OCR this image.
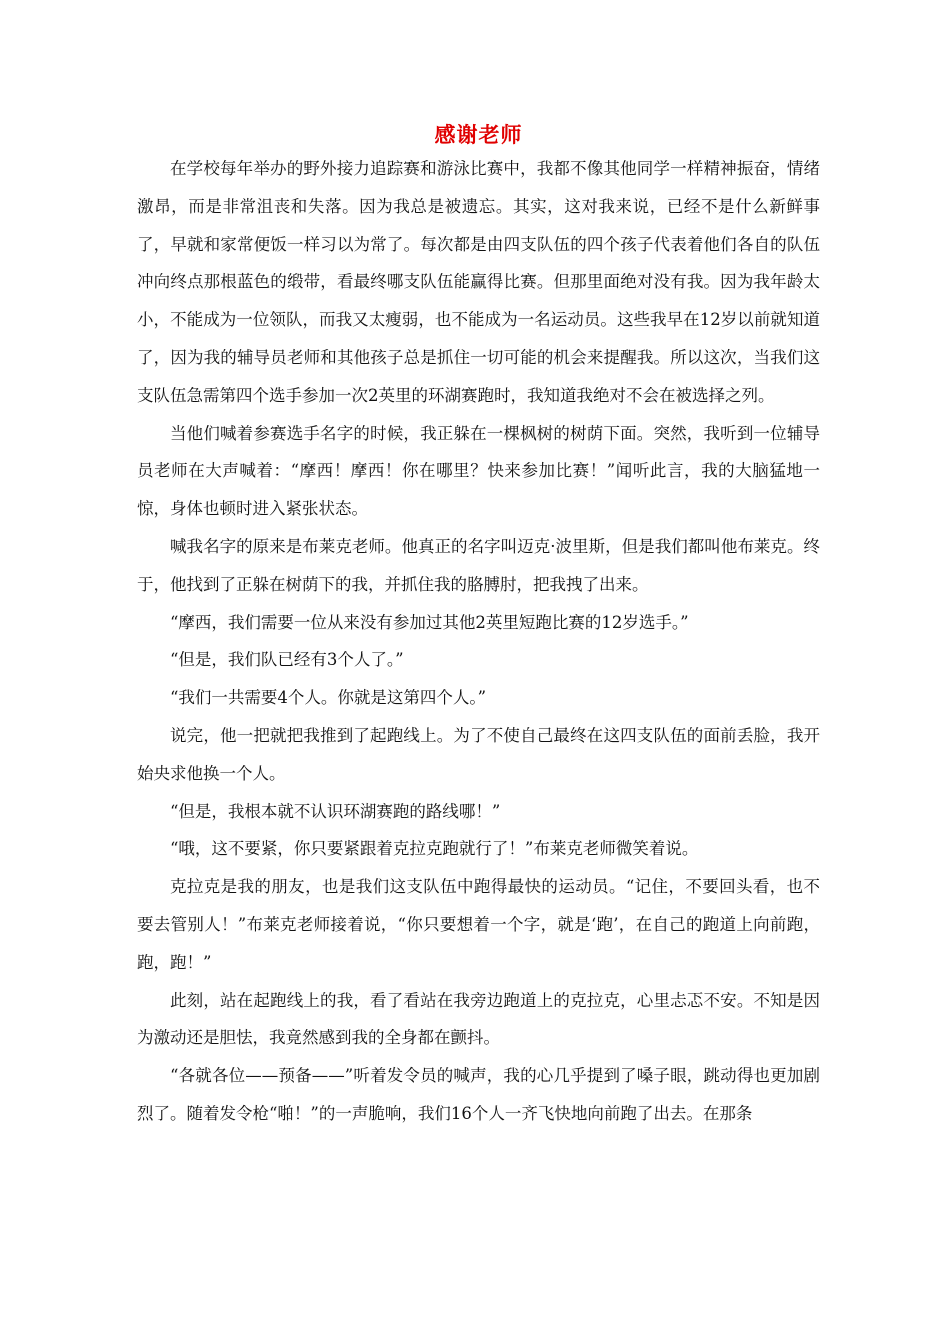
感谢老师

在学校每年举办的野外接力追踪赛和游泳比赛中，我都不像其他同学一样精神振奋，情绪激昂，而是非常沮丧和失落。因为我总是被遗忘。其实，这对我来说，已经不是什么新鲜事了，早就和家常便饭一样习以为常了。每次都是由四支队伍的四个孩子代表着他们各自的队伍冲向终点那根蓝色的缎带，看最终哪支队伍能赢得比赛。但那里面绝对没有我。因为我年龄太小，不能成为一位领队，而我又太瘦弱，也不能成为一名运动员。这些我早在12岁以前就知道了，因为我的辅导员老师和其他孩子总是抓住一切可能的机会来提醒我。所以这次，当我们这支队伍急需第四个选手参加一次2英里的环湖赛跑时，我知道我绝对不会在被选择之列。

当他们喊着参赛选手名字的时候，我正躲在一棵枫树的树荫下面。突然，我听到一位辅导员老师在大声喊着：“摩西！摩西！你在哪里？快来参加比赛！”闻听此言，我的大脑猛地一惊，身体也顿时进入紧张状态。

喊我名字的原来是布莱克老师。他真正的名字叫迈克·波里斯，但是我们都叫他布莱克。终于，他找到了正躲在树荫下的我，并抓住我的胳膊肘，把我拽了出来。

“摩西，我们需要一位从来没有参加过其他2英里短跑比赛的12岁选手。”

“但是，我们队已经有3个人了。”

“我们一共需要4个人。你就是这第四个人。”

说完，他一把就把我推到了起跑线上。为了不使自己最终在这四支队伍的面前丢脸，我开始央求他换一个人。

“但是，我根本就不认识环湖赛跑的路线哪！”

“哦，这不要紧，你只要紧跟着克拉克跑就行了！”布莱克老师微笑着说。

克拉克是我的朋友，也是我们这支队伍中跑得最快的运动员。“记住，不要回头看，也不要去管别人！”布莱克老师接着说，“你只要想着一个字，就是‘跑’，在自己的跑道上向前跑，跑，跑！”

此刻，站在起跑线上的我，看了看站在我旁边跑道上的克拉克，心里忐忑不安。不知是因为激动还是胆怯，我竟然感到我的全身都在颤抖。

“各就各位——预备——”听着发令员的喊声，我的心几乎提到了嗓子眼，跳动得也更加剧烈了。随着发令枪“啪！”的一声脆响，我们16个人一齐飞快地向前跑了出去。在那条
